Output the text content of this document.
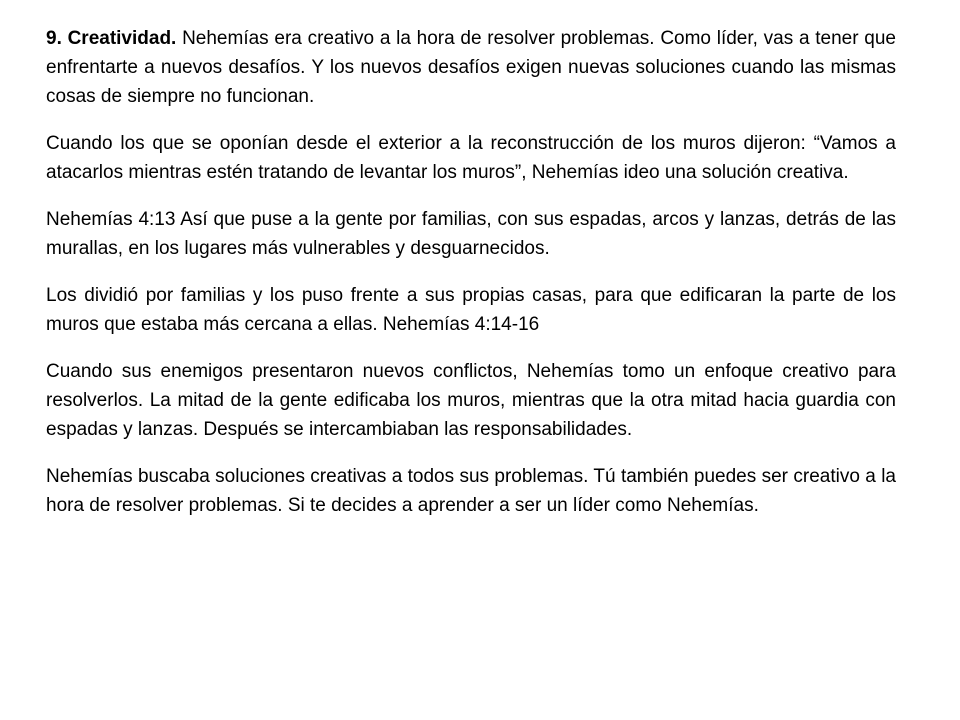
9. Creatividad. Nehemías era creativo a la hora de resolver problemas. Como líder, vas a tener que enfrentarte a nuevos desafíos. Y los nuevos desafíos exigen nuevas soluciones cuando las mismas cosas de siempre no funcionan.

Cuando los que se oponían desde el exterior a la reconstrucción de los muros dijeron: “Vamos a atacarlos mientras estén tratando de levantar los muros”, Nehemías ideo una solución creativa.

Nehemías 4:13 Así que puse a la gente por familias, con sus espadas, arcos y lanzas, detrás de las murallas, en los lugares más vulnerables y desguarnecidos.

Los dividió por familias y los puso frente a sus propias casas, para que edificaran la parte de los muros que estaba más cercana a ellas. Nehemías 4:14-16

Cuando sus enemigos presentaron nuevos conflictos, Nehemías tomo un enfoque creativo para resolverlos. La mitad de la gente edificaba los muros, mientras que la otra mitad hacia guardia con espadas y lanzas. Después se intercambiaban las responsabilidades.

Nehemías buscaba soluciones creativas a todos sus problemas. Tú también puedes ser creativo a la hora de resolver problemas. Si te decides a aprender a ser un líder como Nehemías.
